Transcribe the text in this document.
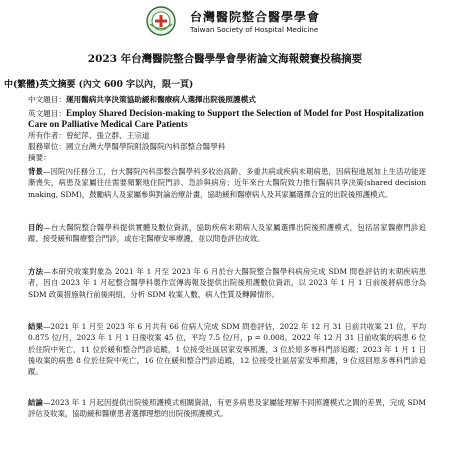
台灣醫院整合醫學學會
Taiwan Society of Hospital Medicine
2023 年台灣醫院整合醫學學會學術論文海報競賽投稿摘要
中(繁體)英文摘要 (內文 600 字以內，限一頁)
中文題目：運用醫病共享決策協助緩和醫療病人選擇出院後照護模式
英文題目：Employ Shared Decision-making to Support the Selection of Model for Post Hospitalization Care on Palliative Medical Care Patients
所有作者：曾紀萍、張立群、王宗道
服務單位：國立台灣大學醫學院附設醫院內科部整合醫學科
摘要：
背景—因院內任務分工，台大醫院內科部整合醫學科多收治高齡、多重共病或疾病末期病患，因病程進展加上生活功能逐漸喪失，病患及家屬往往需要頻繁地住院門診、急診與病房；近年來台大醫院致力推行醫病共享決策(shared decision making, SDM)，鼓勵病人及家屬參與對論治療計畫，協助緩和醫療病人及其家屬選擇合宜的出院後照護模式。
目的—台大醫院整合醫學科提供實體及數位資訊，協助疾病末期病人及家屬選擇出院後照護模式，包括居家醫療門診追蹤、接受緩和醫療整合門診，或在宅醫療安寧療護，並以問卷評估成效。
方法—本研究收案對象為 2021 年 1 月至 2023 年 6 月於台大醫院整合醫學科病房完成 SDM 問卷評估的末期疾病患者，因自 2023 年 1 月起整合醫學科製作宣傳海報及提供出院後照護數位資訊，以 2023 年 1 月 1 日前後將病患分為 SDM 政策措施執行前後兩組，分析 SDM 收案人數、病人性質及轉歸情形。
結果—2021 年 1 月至 2023 年 6 月共有 66 位病人完成 SDM 問卷評估，2022 年 12 月 31 日前共收案 21 位，平均 0.875 位/月，2023 年 1 月 1 日後收案 45 位，平均 7.5 位/月，p = 0.008。2022 年 12 月 31 日前收案的病患 6 位於住院中死亡，11 位於緩和整合門診追蹤，1 位接受社區居家安寧照護，3 位於原多專科門診追蹤；2023 年 1 月 1 日後收案的病患 8 位於住院中死亡，16 位在緩和整合門診追蹤，12 位接受社區居家安寧照護，9 位返回原多專科門診追蹤。
結論—2023 年 1 月起因提供出院後照護模式相關資訊，有更多病患及家屬能理解不同照護模式之間的差異，完成 SDM 評估及收案，協助緩和醫療患者選擇理想的出院後照護模式。
